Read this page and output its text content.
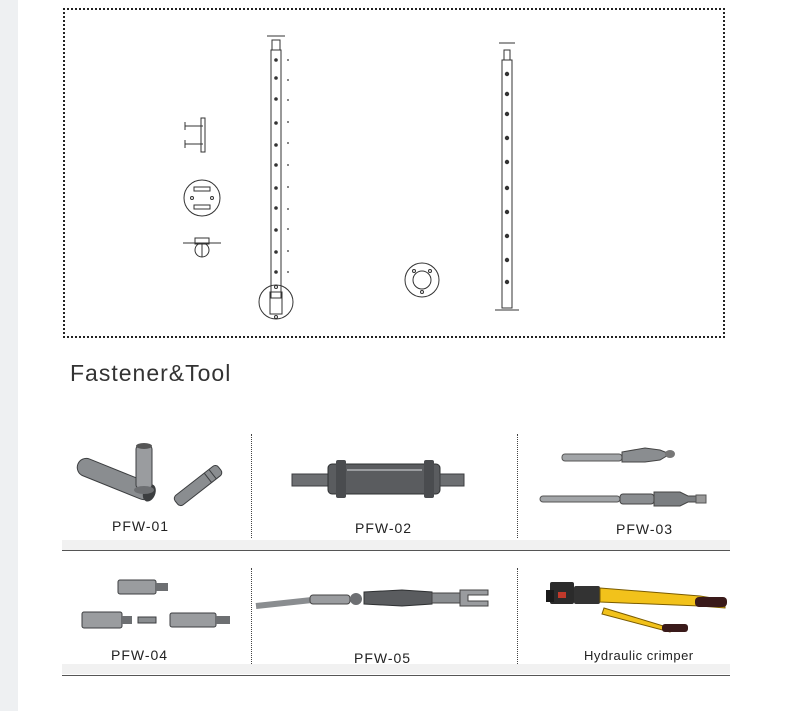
Fastener&Tool
PFW-01	PFW-02	PFW-03
PFW-04	PFW-05	Hydraulic crimper
